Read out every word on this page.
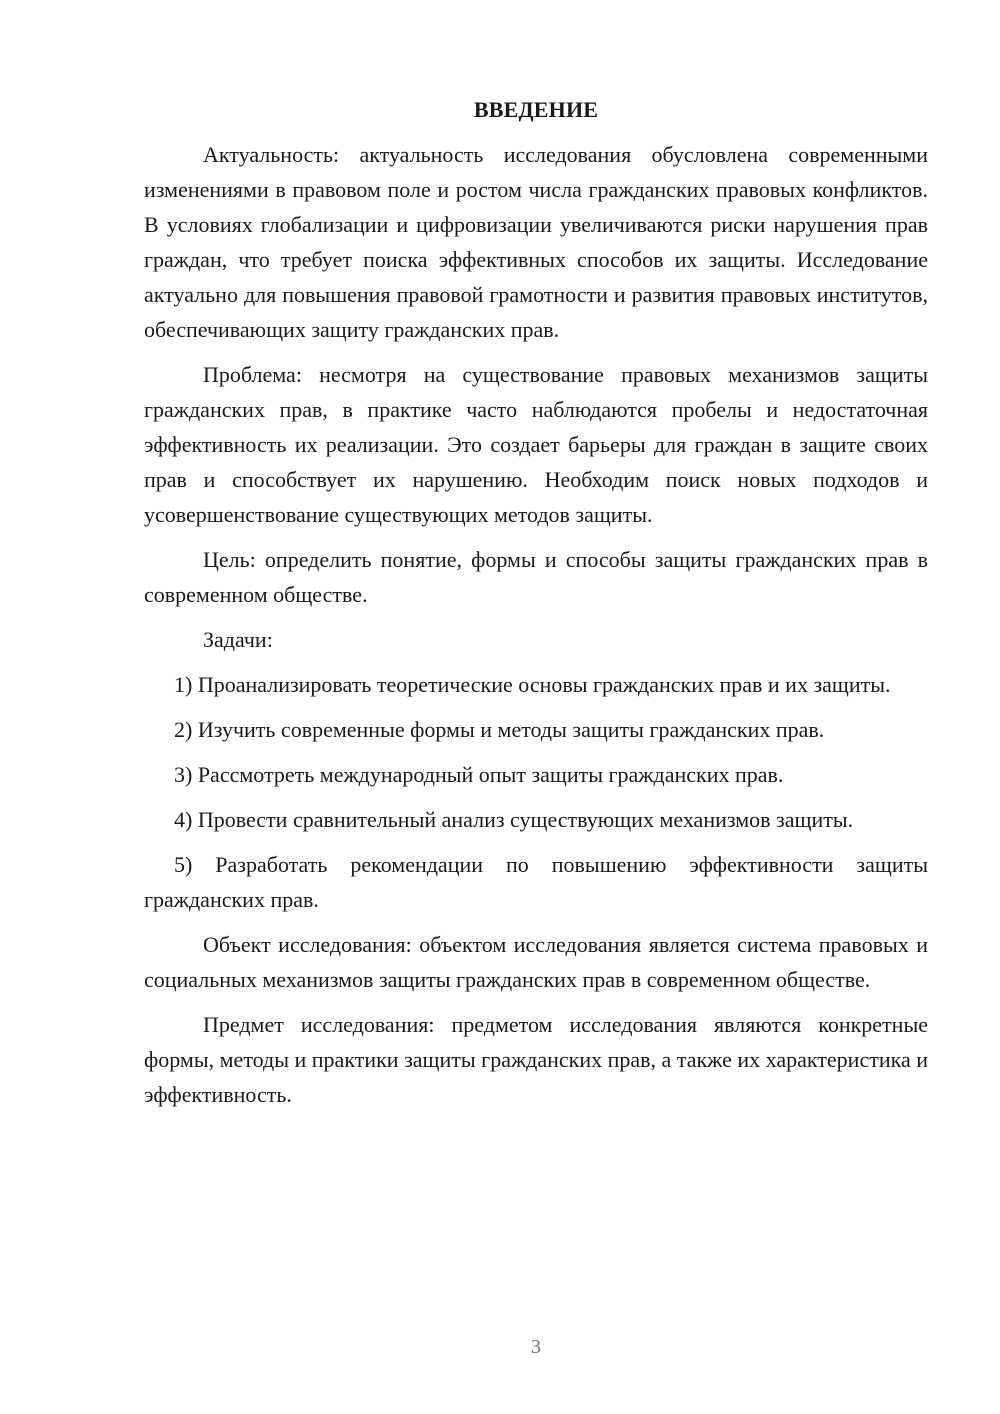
ВВЕДЕНИЕ

Актуальность: актуальность исследования обусловлена современными изменениями в правовом поле и ростом числа гражданских правовых конфликтов. В условиях глобализации и цифровизации увеличиваются риски нарушения прав граждан, что требует поиска эффективных способов их защиты. Исследование актуально для повышения правовой грамотности и развития правовых институтов, обеспечивающих защиту гражданских прав.

Проблема: несмотря на существование правовых механизмов защиты гражданских прав, в практике часто наблюдаются пробелы и недостаточная эффективность их реализации. Это создает барьеры для граждан в защите своих прав и способствует их нарушению. Необходим поиск новых подходов и усовершенствование существующих методов защиты.

Цель: определить понятие, формы и способы защиты гражданских прав в современном обществе.

Задачи:

1) Проанализировать теоретические основы гражданских прав и их защиты.

2) Изучить современные формы и методы защиты гражданских прав.

3) Рассмотреть международный опыт защиты гражданских прав.

4) Провести сравнительный анализ существующих механизмов защиты.

5) Разработать рекомендации по повышению эффективности защиты гражданских прав.

Объект исследования: объектом исследования является система правовых и социальных механизмов защиты гражданских прав в современном обществе.

Предмет исследования: предметом исследования являются конкретные формы, методы и практики защиты гражданских прав, а также их характеристика и эффективность.

3
